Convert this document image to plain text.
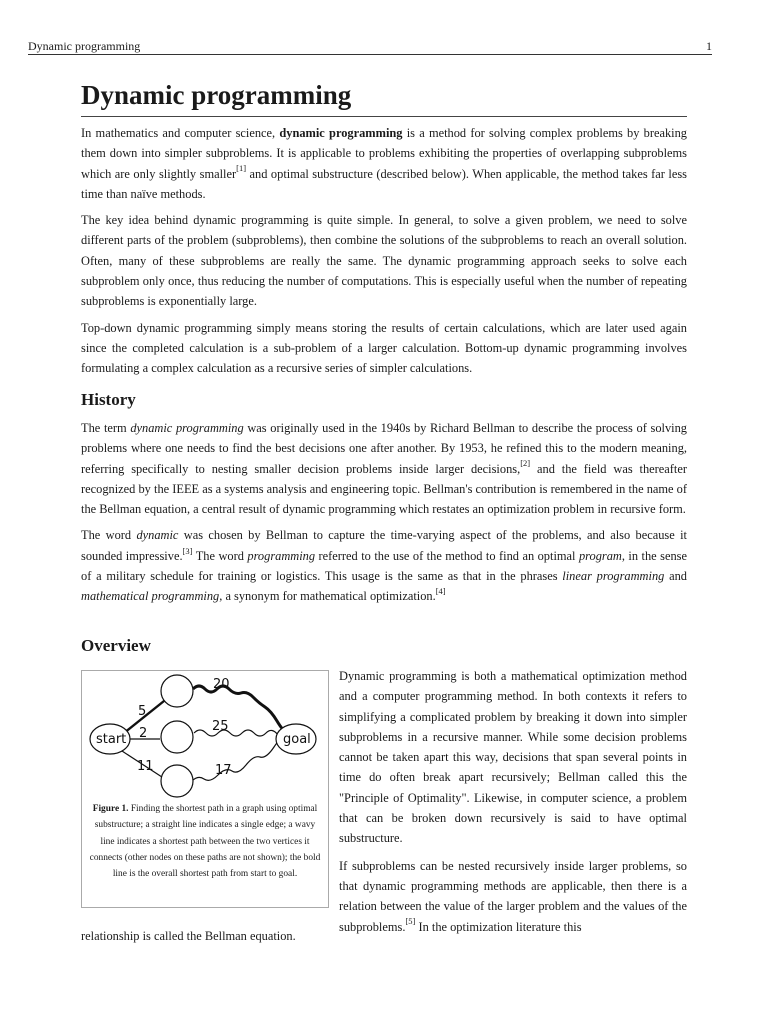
Dynamic programming	1
Dynamic programming

In mathematics and computer science, dynamic programming is a method for solving complex problems by breaking them down into simpler subproblems. It is applicable to problems exhibiting the properties of overlapping subproblems which are only slightly smaller[1] and optimal substructure (described below). When applicable, the method takes far less time than naïve methods.

The key idea behind dynamic programming is quite simple. In general, to solve a given problem, we need to solve different parts of the problem (subproblems), then combine the solutions of the subproblems to reach an overall solution. Often, many of these subproblems are really the same. The dynamic programming approach seeks to solve each subproblem only once, thus reducing the number of computations. This is especially useful when the number of repeating subproblems is exponentially large.

Top-down dynamic programming simply means storing the results of certain calculations, which are later used again since the completed calculation is a sub-problem of a larger calculation. Bottom-up dynamic programming involves formulating a complex calculation as a recursive series of simpler calculations.

History

The term dynamic programming was originally used in the 1940s by Richard Bellman to describe the process of solving problems where one needs to find the best decisions one after another. By 1953, he refined this to the modern meaning, referring specifically to nesting smaller decision problems inside larger decisions,[2] and the field was thereafter recognized by the IEEE as a systems analysis and engineering topic. Bellman's contribution is remembered in the name of the Bellman equation, a central result of dynamic programming which restates an optimization problem in recursive form.

The word dynamic was chosen by Bellman to capture the time-varying aspect of the problems, and also because it sounded impressive.[3] The word programming referred to the use of the method to find an optimal program, in the sense of a military schedule for training or logistics. This usage is the same as that in the phrases linear programming and mathematical programming, a synonym for mathematical optimization.[4]

Overview
start	goal
5
20
2	25
11	17
Figure 1. Finding the shortest path in a graph using optimal substructure; a straight line indicates a single edge; a wavy line indicates a shortest path between the two vertices it connects (other nodes on these paths are not shown); the bold line is the overall shortest path from start to goal.

Dynamic programming is both a mathematical optimization method and a computer programming method. In both contexts it refers to simplifying a complicated problem by breaking it down into simpler subproblems in a recursive manner. While some decision problems cannot be taken apart this way, decisions that span several points in time do often break apart recursively; Bellman called this the "Principle of Optimality". Likewise, in computer science, a problem that can be broken down recursively is said to have optimal substructure.

If subproblems can be nested recursively inside larger problems, so that dynamic programming methods are applicable, then there is a relation between the value of the larger problem and the values of the subproblems.[5] In the optimization literature this

relationship is called the Bellman equation.
